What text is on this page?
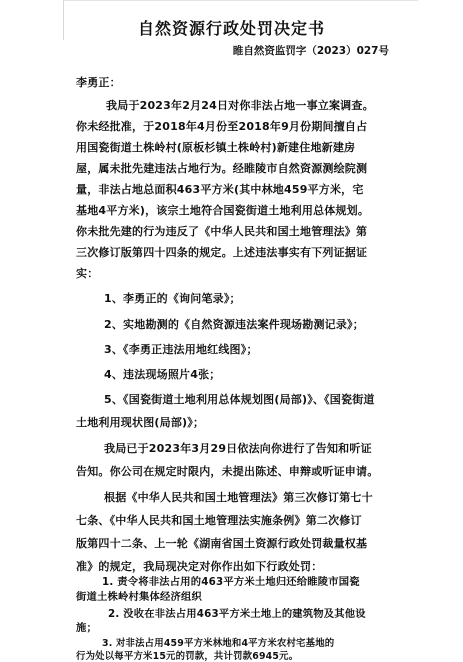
自然资源行政处罚决定书
睢自然资监罚字（2023）027号
李勇正：
我局于2023年2月24日对你非法占地一事立案调查。
你未经批准，于2018年4月份至2018年9月份期间擅自占
用国瓷街道土株岭村(原板杉镇土株岭村)新建住地新建房
屋，属未批先建违法占地行为。经睢陵市自然资源测绘院测
量，非法占地总面积463平方米(其中林地459平方米，宅
基地4平方米)，该宗土地符合国瓷街道土地利用总体规划。
你未批先建的行为违反了《中华人民共和国土地管理法》第
三次修订版第四十四条的规定。上述违法事实有下列证据证
实：
1、李勇正的《询问笔录》；
2、实地勘测的《自然资源违法案件现场勘测记录》；
3、《李勇正违法用地红线图》；
4、违法现场照片4张；
5、《国瓷街道土地利用总体规划图(局部)》、《国瓷街道
土地利用现状图(局部)》；
我局已于2023年3月29日依法向你进行了告知和听证
告知。你公司在规定时限内，未提出陈述、申辩或听证申请。
根据《中华人民共和国土地管理法》第三次修订第七十
七条、《中华人民共和国土地管理法实施条例》第二次修订
版第四十二条、上一轮《湖南省国土资源行政处罚裁量权基
准》的规定，我局现决定对你作出如下行政处罚：
1. 责令将非法占用的463平方米土地归还给睢陵市国瓷
街道土株岭村集体经济组织
2. 没收在非法占用463平方米土地上的建筑物及其他设
施；
3. 对非法占用459平方米林地和4平方米农村宅基地的
行为处以每平方米15元的罚款，共计罚款6945元。
